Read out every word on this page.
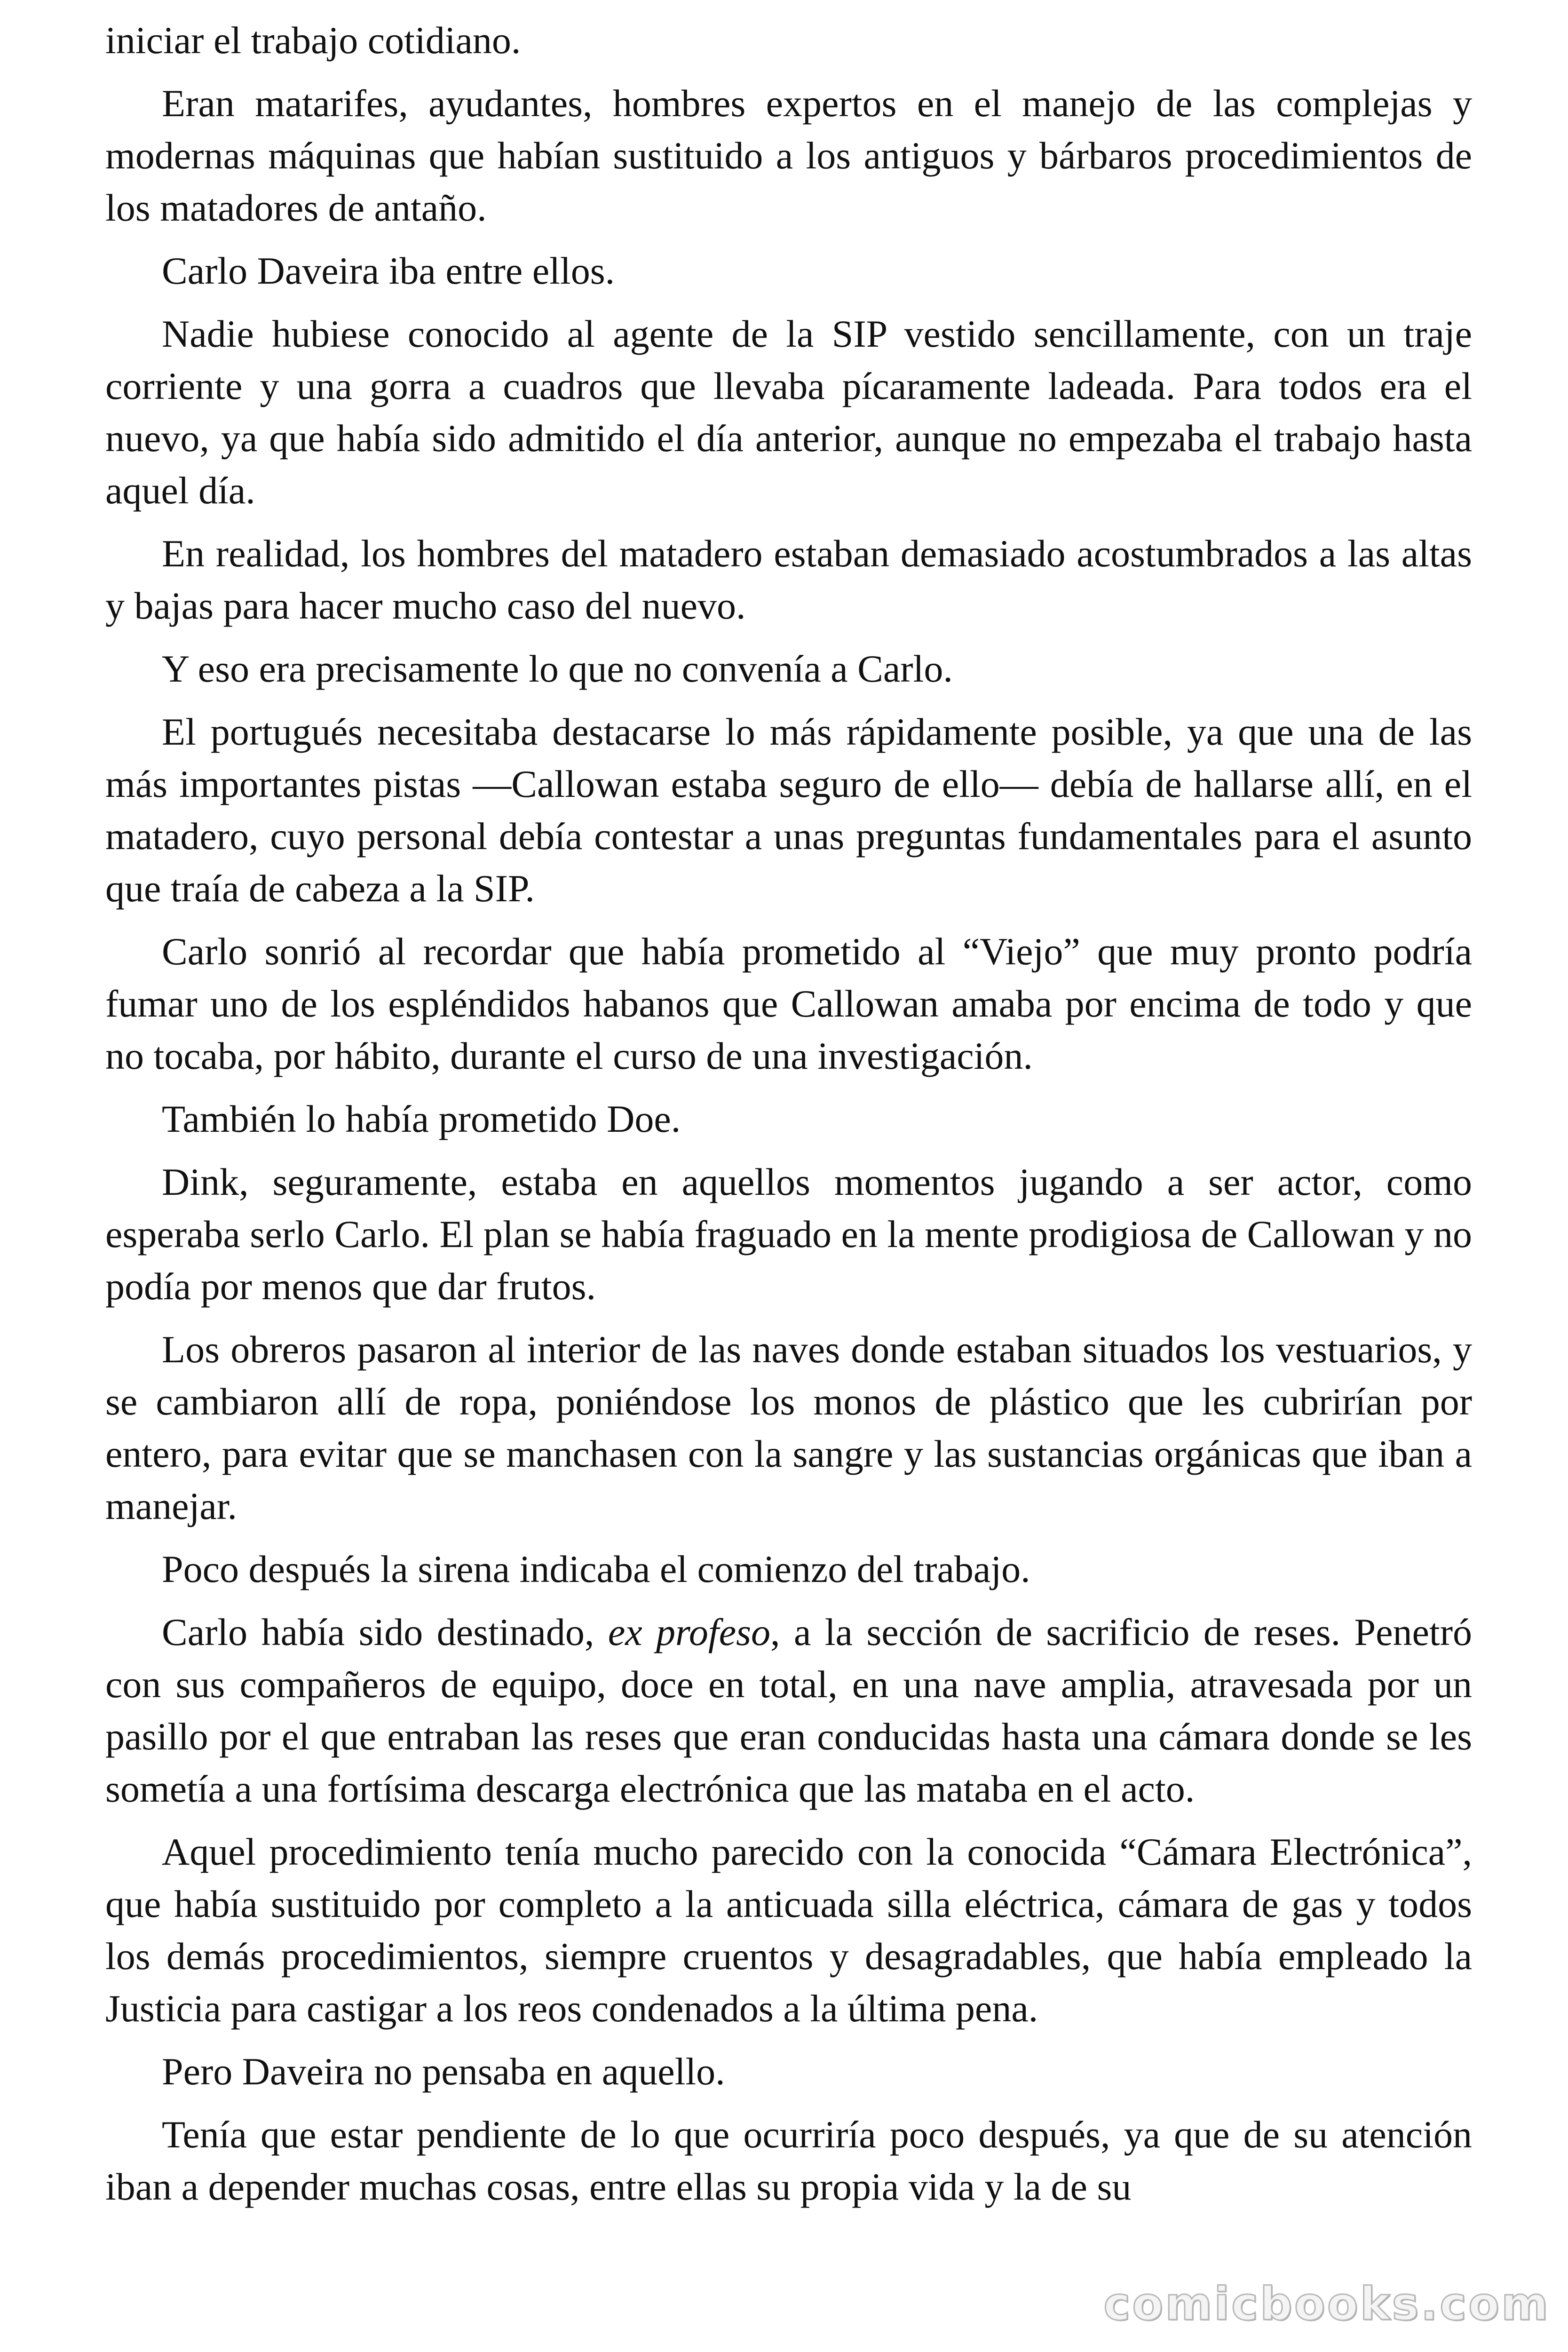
iniciar el trabajo cotidiano.

Eran matarifes, ayudantes, hombres expertos en el manejo de las complejas y modernas máquinas que habían sustituido a los antiguos y bárbaros procedimientos de los matadores de antaño.

Carlo Daveira iba entre ellos.

Nadie hubiese conocido al agente de la SIP vestido sencillamente, con un traje corriente y una gorra a cuadros que llevaba pícaramente ladeada. Para todos era el nuevo, ya que había sido admitido el día anterior, aunque no empezaba el trabajo hasta aquel día.

En realidad, los hombres del matadero estaban demasiado acostumbrados a las altas y bajas para hacer mucho caso del nuevo.

Y eso era precisamente lo que no convenía a Carlo.

El portugués necesitaba destacarse lo más rápidamente posible, ya que una de las más importantes pistas —Callowan estaba seguro de ello— debía de hallarse allí, en el matadero, cuyo personal debía contestar a unas preguntas fundamentales para el asunto que traía de cabeza a la SIP.

Carlo sonrió al recordar que había prometido al “Viejo” que muy pronto podría fumar uno de los espléndidos habanos que Callowan amaba por encima de todo y que no tocaba, por hábito, durante el curso de una investigación.

También lo había prometido Doe.

Dink, seguramente, estaba en aquellos momentos jugando a ser actor, como esperaba serlo Carlo. El plan se había fraguado en la mente prodigiosa de Callowan y no podía por menos que dar frutos.

Los obreros pasaron al interior de las naves donde estaban situados los vestuarios, y se cambiaron allí de ropa, poniéndose los monos de plástico que les cubrirían por entero, para evitar que se manchasen con la sangre y las sustancias orgánicas que iban a manejar.

Poco después la sirena indicaba el comienzo del trabajo.

Carlo había sido destinado, ex profeso, a la sección de sacrificio de reses. Penetró con sus compañeros de equipo, doce en total, en una nave amplia, atravesada por un pasillo por el que entraban las reses que eran conducidas hasta una cámara donde se les sometía a una fortísima descarga electrónica que las mataba en el acto.

Aquel procedimiento tenía mucho parecido con la conocida “Cámara Electrónica”, que había sustituido por completo a la anticuada silla eléctrica, cámara de gas y todos los demás procedimientos, siempre cruentos y desagradables, que había empleado la Justicia para castigar a los reos condenados a la última pena.

Pero Daveira no pensaba en aquello.

Tenía que estar pendiente de lo que ocurriría poco después, ya que de su atención iban a depender muchas cosas, entre ellas su propia vida y la de su

comicbooks.com
